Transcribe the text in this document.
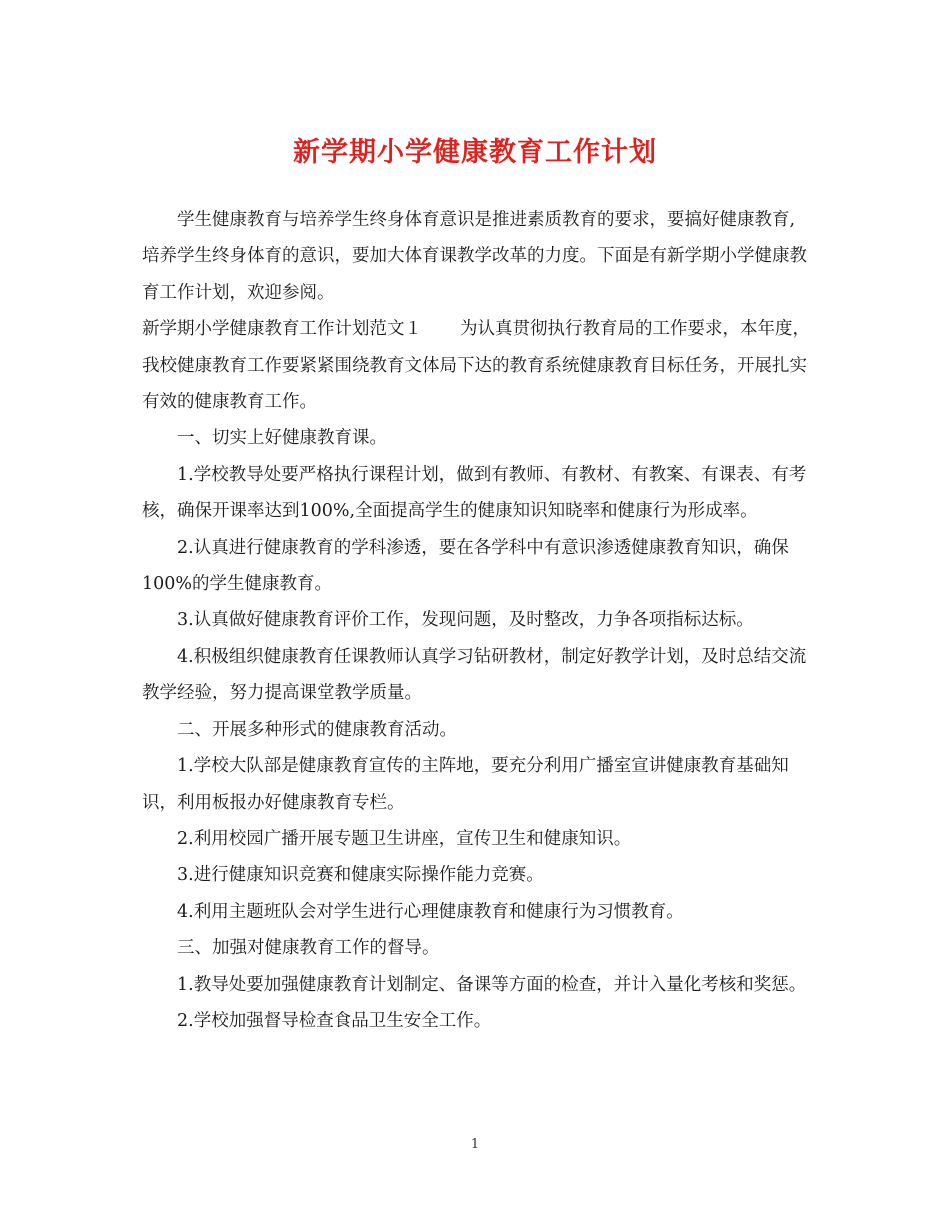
新学期小学健康教育工作计划

学生健康教育与培养学生终身体育意识是推进素质教育的要求，要搞好健康教育,培养学生终身体育的意识，要加大体育课教学改革的力度。下面是有新学期小学健康教育工作计划，欢迎参阅。

新学期小学健康教育工作计划范文１ 为认真贯彻执行教育局的工作要求，本年度，我校健康教育工作要紧紧围绕教育文体局下达的教育系统健康教育目标任务，开展扎实有效的健康教育工作。

一、切实上好健康教育课。

1.学校教导处要严格执行课程计划，做到有教师、有教材、有教案、有课表、有考核，确保开课率达到100%,全面提高学生的健康知识知晓率和健康行为形成率。

2.认真进行健康教育的学科渗透，要在各学科中有意识渗透健康教育知识，确保100%的学生健康教育。

3.认真做好健康教育评价工作，发现问题，及时整改，力争各项指标达标。

4.积极组织健康教育任课教师认真学习钻研教材，制定好教学计划，及时总结交流教学经验，努力提高课堂教学质量。

二、开展多种形式的健康教育活动。

1.学校大队部是健康教育宣传的主阵地，要充分利用广播室宣讲健康教育基础知识，利用板报办好健康教育专栏。

2.利用校园广播开展专题卫生讲座，宣传卫生和健康知识。

3.进行健康知识竞赛和健康实际操作能力竞赛。

4.利用主题班队会对学生进行心理健康教育和健康行为习惯教育。

三、加强对健康教育工作的督导。

1.教导处要加强健康教育计划制定、备课等方面的检查，并计入量化考核和奖惩。

2.学校加强督导检查食品卫生安全工作。

1
